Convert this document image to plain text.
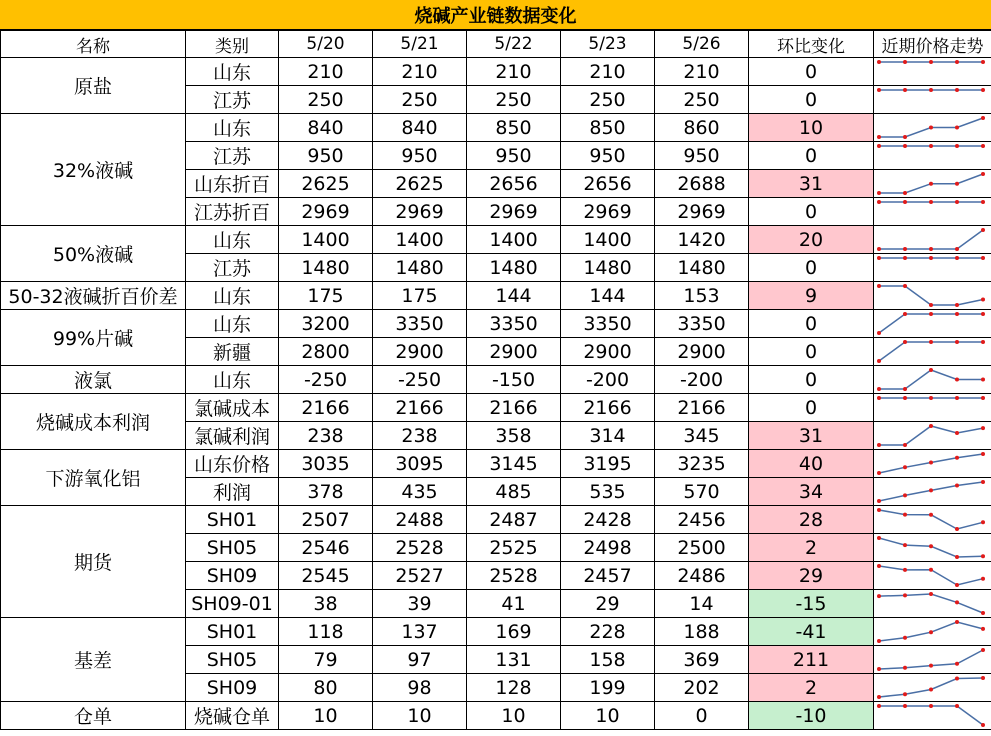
烧碱产业链数据变化
名称	类别	5/20	5/21	5/22	5/23	5/26	环比变化	近期价格走势
原盐	山东	210	210	210	210	210	0	

	江苏	250	250	250	250	250	0	

32%液碱	山东	840	840	850	850	860	10	

	江苏	950	950	950	950	950	0	

	山东折百	2625	2625	2656	2656	2688	31	

	江苏折百	2969	2969	2969	2969	2969	0	

50%液碱	山东	1400	1400	1400	1400	1420	20	

	江苏	1480	1480	1480	1480	1480	0	

50-32液碱折百价差	山东	175	175	144	144	153	9	

99%片碱	山东	3200	3350	3350	3350	3350	0	

	新疆	2800	2900	2900	2900	2900	0	

液氯	山东	-250	-250	-150	-200	-200	0	

烧碱成本利润	氯碱成本	2166	2166	2166	2166	2166	0	

	氯碱利润	238	238	358	314	345	31	

下游氧化铝	山东价格	3035	3095	3145	3195	3235	40	

	利润	378	435	485	535	570	34	

期货	SH01	2507	2488	2487	2428	2456	28	

	SH05	2546	2528	2525	2498	2500	2	

	SH09	2545	2527	2528	2457	2486	29	

	SH09-01	38	39	41	29	14	-15	

基差	SH01	118	137	169	228	188	-41	

	SH05	79	97	131	158	369	211	

	SH09	80	98	128	199	202	2	

仓单	烧碱仓单	10	10	10	10	0	-10	
